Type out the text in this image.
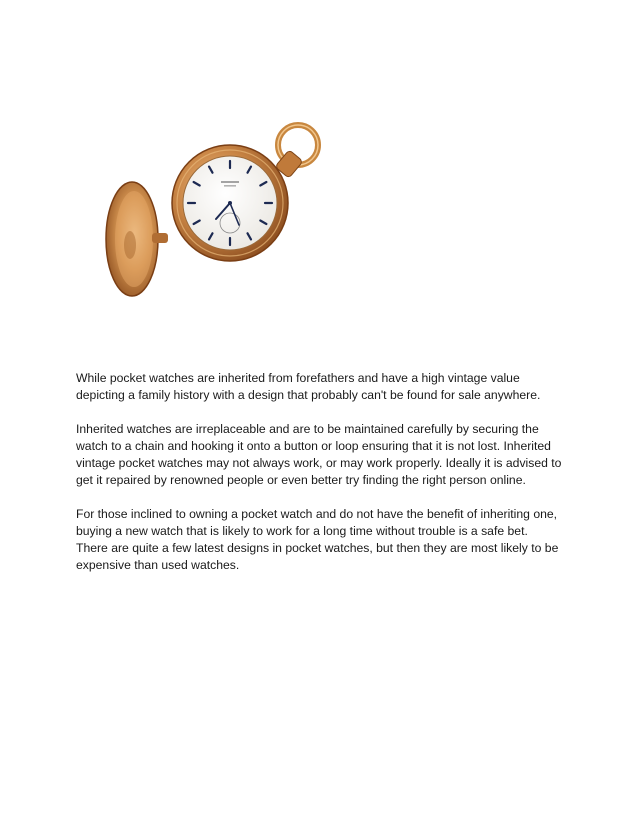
While pocket watches are inherited from forefathers and have a high vintage value depicting a family history with a design that probably can't be found for sale anywhere.

Inherited watches are irreplaceable and are to be maintained carefully by securing the watch to a chain and hooking it onto a button or loop ensuring that it is not lost. Inherited vintage pocket watches may not always work, or may work properly. Ideally it is advised to get it repaired by renowned people or even better try finding the right person online.

For those inclined to owning a pocket watch and do not have the benefit of inheriting one, buying a new watch that is likely to work for a long time without trouble is a safe bet. There are quite a few latest designs in pocket watches, but then they are most likely to be expensive than used watches.
